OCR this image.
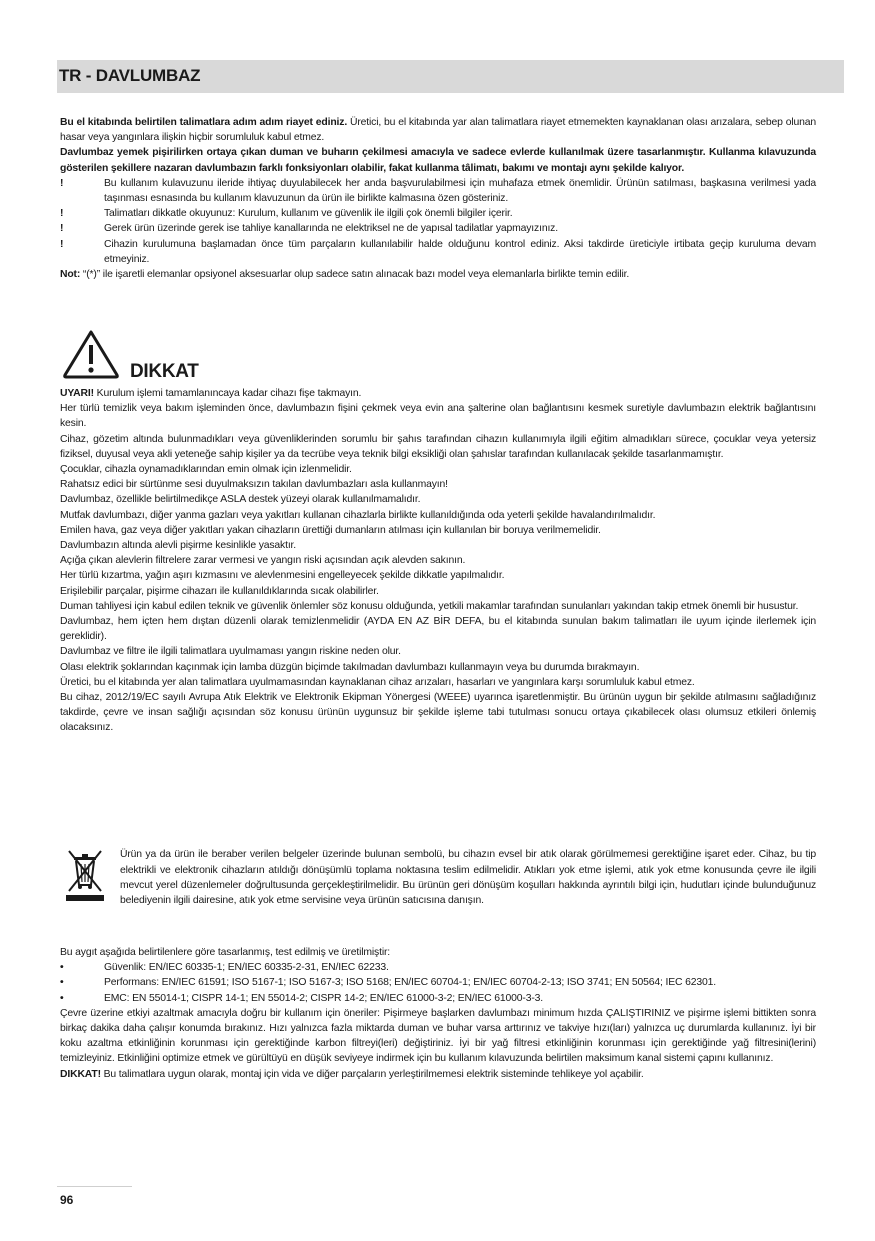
TR - DAVLUMBAZ

Bu el kitabında belirtilen talimatlara adım adım riayet ediniz. Üretici, bu el kitabında yar alan talimatlara riayet etmemekten kaynaklanan olası arızalara, sebep olunan hasar veya yangınlara ilişkin hiçbir sorumluluk kabul etmez.

Davlumbaz yemek pişirilirken ortaya çıkan duman ve buharın çekilmesi amacıyla ve sadece evlerde kullanılmak üzere tasarlanmıştır. Kullanma kılavuzunda gösterilen şekillere nazaran davlumbazın farklı fonksiyonları olabilir, fakat kullanma tâlimatı, bakımı ve montajı aynı şekilde kalıyor.

!	Bu kullanım kulavuzunu ileride ihtiyaç duyulabilecek her anda başvurulabilmesi için muhafaza etmek önemlidir. Ürünün satılması, başkasına verilmesi yada taşınması esnasında bu kullanım klavuzunun da ürün ile birlikte kalmasına özen gösteriniz.
!	Talimatları dikkatle okuyunuz: Kurulum, kullanım ve güvenlik ile ilgili çok önemli bilgiler içerir.
!	Gerek ürün üzerinde gerek ise tahliye kanallarında ne elektriksel ne de yapısal tadilatlar yapmayızınız.
!	Cihazin kurulumuna başlamadan önce tüm parçaların kullanılabilir halde olduğunu kontrol ediniz. Aksi takdirde üreticiyle irtibata geçip kuruluma devam etmeyiniz.

Not: “(*)” ile işaretli elemanlar opsiyonel aksesuarlar olup sadece satın alınacak bazı model veya elemanlarla birlikte temin edilir.

DIKKAT

UYARI! Kurulum işlemi tamamlanıncaya kadar cihazı fişe takmayın.

Her türlü temizlik veya bakım işleminden önce, davlumbazın fişini çekmek veya evin ana şalterine olan bağlantısını kesmek suretiyle davlumbazın elektrik bağlantısını kesin.

Cihaz, gözetim altında bulunmadıkları veya güvenliklerinden sorumlu bir şahıs tarafından cihazın kullanımıyla ilgili eğitim almadıkları sürece, çocuklar veya yetersiz fiziksel, duyusal veya akli yeteneğe sahip kişiler ya da tecrübe veya teknik bilgi eksikliği olan şahıslar tarafından kullanılacak şekilde tasarlanmamıştır.

Çocuklar, cihazla oynamadıklarından emin olmak için izlenmelidir.

Rahatsız edici bir sürtünme sesi duyulmaksızın takılan davlumbazları asla kullanmayın!

Davlumbaz, özellikle belirtilmedikçe ASLA destek yüzeyi olarak kullanılmamalıdır.

Mutfak davlumbazı, diğer yanma gazları veya yakıtları kullanan cihazlarla birlikte kullanıldığında oda yeterli şekilde havalandırılmalıdır.

Emilen hava, gaz veya diğer yakıtları yakan cihazların ürettiği dumanların atılması için kullanılan bir boruya verilmemelidir.

Davlumbazın altında alevli pişirme kesinlikle yasaktır.

Açığa çıkan alevlerin filtrelere zarar vermesi ve yangın riski açısından açık alevden sakının.

Her türlü kızartma, yağın aşırı kızmasını ve alevlenmesini engelleyecek şekilde dikkatle yapılmalıdır.

Erişilebilir parçalar, pişirme cihazarı ile kullanıldıklarında sıcak olabilirler.

Duman tahliyesi için kabul edilen teknik ve güvenlik önlemler söz konusu olduğunda, yetkili makamlar tarafından sunulanları yakından takip etmek önemli bir husustur.

Davlumbaz, hem içten hem dıştan düzenli olarak temizlenmelidir (AYDA EN AZ BİR DEFA, bu el kitabında sunulan bakım talimatları ile uyum içinde ilerlemek için gereklidir).

Davlumbaz ve filtre ile ilgili talimatlara uyulmaması yangın riskine neden olur.

Olası elektrik şoklarından kaçınmak için lamba düzgün biçimde takılmadan davlumbazı kullanmayın veya bu durumda bırakmayın.

Üretici, bu el kitabında yer alan talimatlara uyulmamasından kaynaklanan cihaz arızaları, hasarları ve yangınlara karşı sorumluluk kabul etmez.

Bu cihaz, 2012/19/EC sayılı Avrupa Atık Elektrik ve Elektronik Ekipman Yönergesi (WEEE) uyarınca işaretlenmiştir. Bu ürünün uygun bir şekilde atılmasını sağladığınız takdirde, çevre ve insan sağlığı açısından söz konusu ürünün uygunsuz bir şekilde işleme tabi tutulması sonucu ortaya çıkabilecek olası olumsuz etkileri önlemiş olacaksınız.

Ürün ya da ürün ile beraber verilen belgeler üzerinde bulunan sembolü, bu cihazın evsel bir atık olarak görülmemesi gerektiğine işaret eder. Cihaz, bu tip elektrikli ve elektronik cihazların atıldığı dönüşümlü toplama noktasına teslim edilmelidir. Atıkları yok etme işlemi, atık yok etme konusunda çevre ile ilgili mevcut yerel düzenlemeler doğrultusunda gerçekleştirilmelidir. Bu ürünün geri dönüşüm koşulları hakkında ayrıntılı bilgi için, hudutları içinde bulunduğunuz belediyenin ilgili dairesine, atık yok etme servisine veya ürünün satıcısına danışın.

Bu aygıt aşağıda belirtilenlere göre tasarlanmış, test edilmiş ve üretilmiştir:

•	Güvenlik: EN/IEC 60335-1; EN/IEC 60335-2-31, EN/IEC 62233.
•	Performans: EN/IEC 61591; ISO 5167-1; ISO 5167-3; ISO 5168; EN/IEC 60704-1; EN/IEC 60704-2-13; ISO 3741; EN 50564; IEC 62301.
•	EMC: EN 55014-1; CISPR 14-1; EN 55014-2; CISPR 14-2; EN/IEC 61000-3-2; EN/IEC 61000-3-3.

Çevre üzerine etkiyi azaltmak amacıyla doğru bir kullanım için öneriler: Pişirmeye başlarken davlumbazı minimum hızda ÇALIŞTIRINIZ ve pişirme işlemi bittikten sonra birkaç dakika daha çalışır konumda bırakınız. Hızı yalnızca fazla miktarda duman ve buhar varsa arttırınız ve takviye hızı(ları) yalnızca uç durumlarda kullanınız. İyi bir koku azaltma etkinliğinin korunması için gerektiğinde karbon filtreyi(leri) değiştiriniz. İyi bir yağ filtresi etkinliğinin korunması için gerektiğinde yağ filtresini(lerini) temizleyiniz. Etkinliğini optimize etmek ve gürültüyü en düşük seviyeye indirmek için bu kullanım kılavuzunda belirtilen maksimum kanal sistemi çapını kullanınız.

DIKKAT! Bu talimatlara uygun olarak, montaj için vida ve diğer parçaların yerleştirilmemesi elektrik sisteminde tehlikeye yol açabilir.

96
